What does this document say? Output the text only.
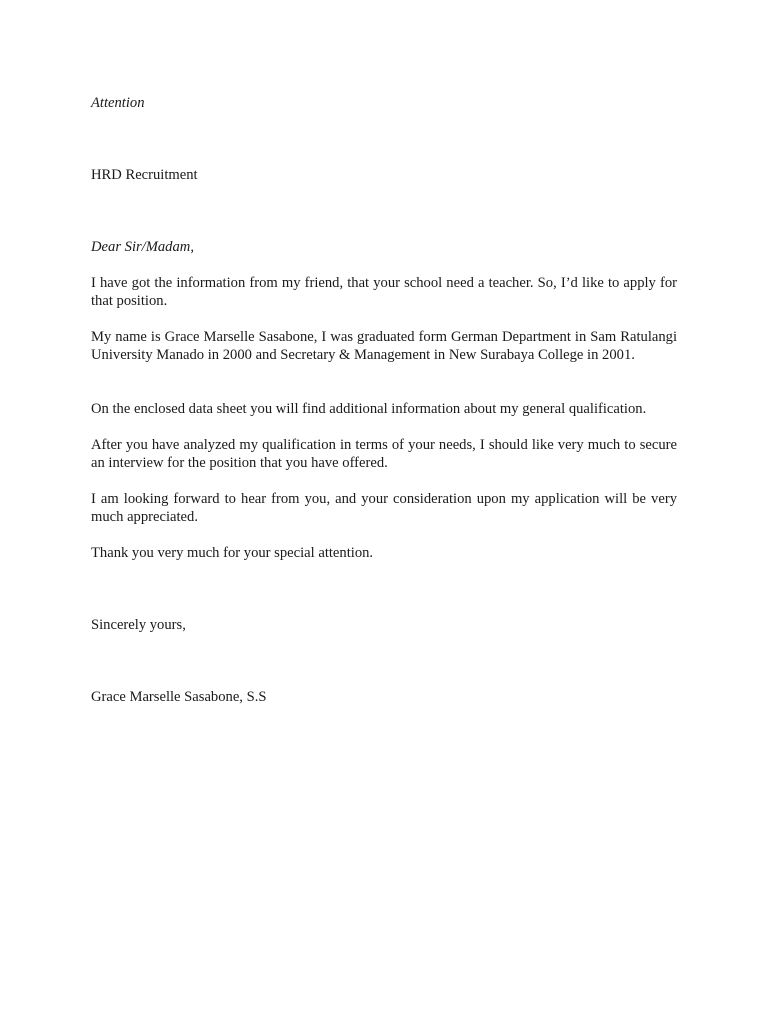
Attention

HRD Recruitment

Dear Sir/Madam,

I have got the information from my friend, that your school need a teacher. So, I’d like to apply for that position.

My name is Grace Marselle Sasabone, I was graduated form German Department in Sam Ratulangi University Manado in 2000 and Secretary & Management in New Surabaya College in 2001.

On the enclosed data sheet you will find additional information about my general qualification.

After you have analyzed my qualification in terms of your needs, I should like very much to secure an interview for the position that you have offered.

I am looking forward to hear from you, and your consideration upon my application will be very much appreciated.

Thank you very much for your special attention.

Sincerely yours,

Grace Marselle Sasabone, S.S
